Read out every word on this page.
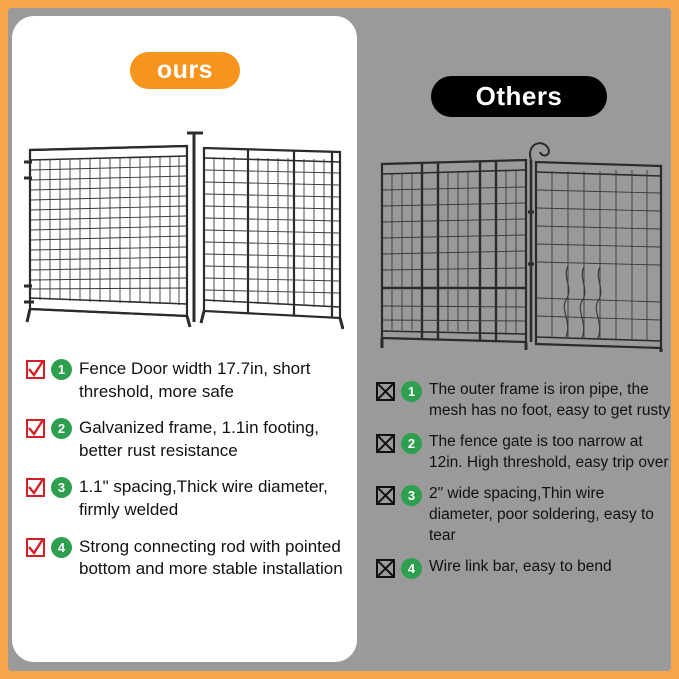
ours
1 Fence Door width 17.7in, short threshold, more safe
2 Galvanized frame, 1.1in footing, better rust resistance
3 1.1" spacing,Thick wire diameter, firmly welded
4 Strong connecting rod with pointed bottom and more stable installation
Others
1 The outer frame is iron pipe, the mesh has no foot, easy to get rusty
2 The fence gate is too narrow at 12in. High threshold, easy trip over
3 2" wide spacing,Thin wire diameter, poor soldering, easy to tear
4 Wire link bar, easy to bend
